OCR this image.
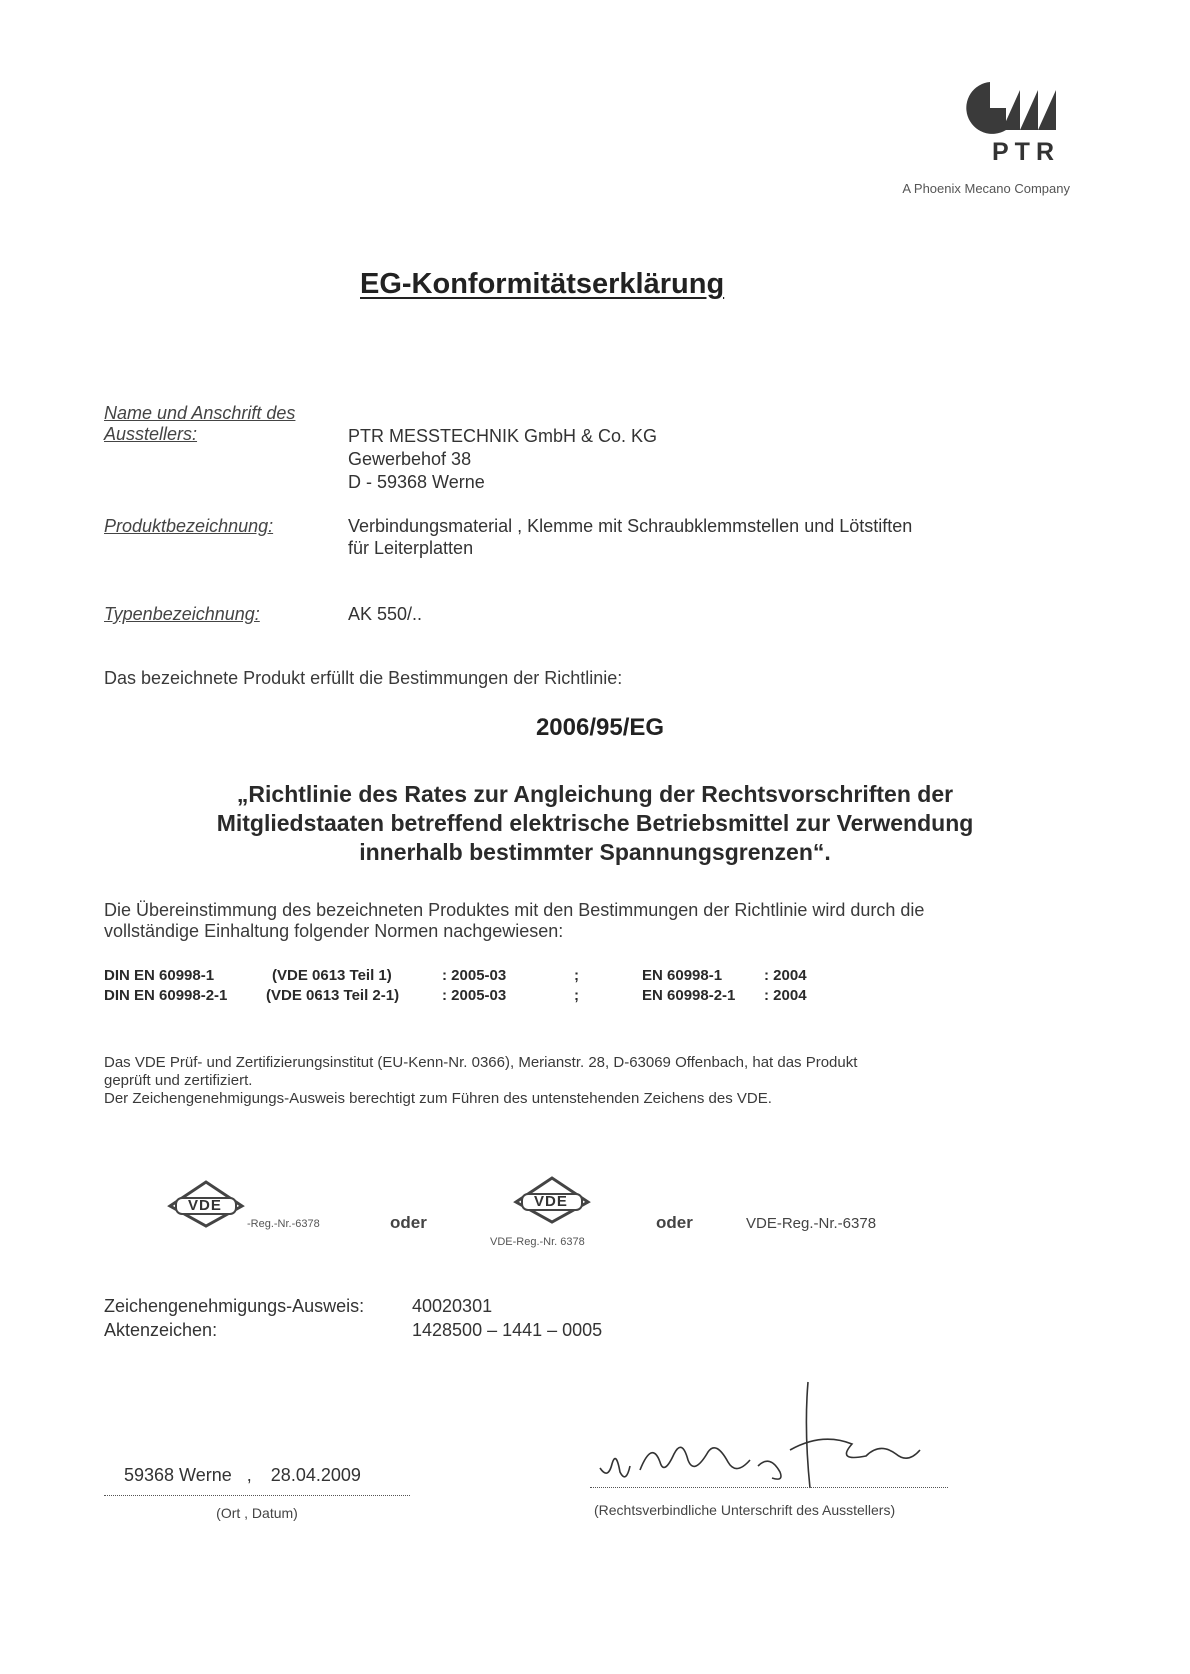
PTR
A Phoenix Mecano Company
EG-Konformitätserklärung
Name und Anschrift des
Ausstellers:	PTR MESSTECHNIK GmbH & Co. KG
Gewerbehof 38
D - 59368 Werne
Produktbezeichnung:	Verbindungsmaterial , Klemme mit Schraubklemmstellen und Lötstiften
für Leiterplatten
Typenbezeichnung:	AK 550/..
Das bezeichnete Produkt erfüllt die Bestimmungen der Richtlinie:
2006/95/EG
„Richtlinie des Rates zur Angleichung der Rechtsvorschriften der
Mitgliedstaaten betreffend elektrische Betriebsmittel zur Verwendung
innerhalb bestimmter Spannungsgrenzen“.
Die Übereinstimmung des bezeichneten Produktes mit den Bestimmungen der Richtlinie wird durch die
vollständige Einhaltung folgender Normen nachgewiesen:
DIN EN 60998-1	(VDE 0613 Teil 1)	: 2005-03	;	EN 60998-1	: 2004
DIN EN 60998-2-1	(VDE 0613 Teil 2-1)	: 2005-03	;	EN 60998-2-1 : 2004
Das VDE Prüf- und Zertifizierungsinstitut (EU-Kenn-Nr. 0366), Merianstr. 28, D-63069 Offenbach, hat das Produkt
geprüft und zertifiziert.
Der Zeichengenehmigungs-Ausweis berechtigt zum Führen des untenstehenden Zeichens des VDE.
VDE
-Reg.-Nr.-6378	oder
VDE
VDE-Reg.-Nr. 6378
oder	VDE-Reg.-Nr.-6378
Zeichengenehmigungs-Ausweis:	40020301
Aktenzeichen:	1428500 – 1441 – 0005
59368 Werne , 28.04.2009
(Ort , Datum)	(Rechtsverbindliche Unterschrift des Ausstellers)
